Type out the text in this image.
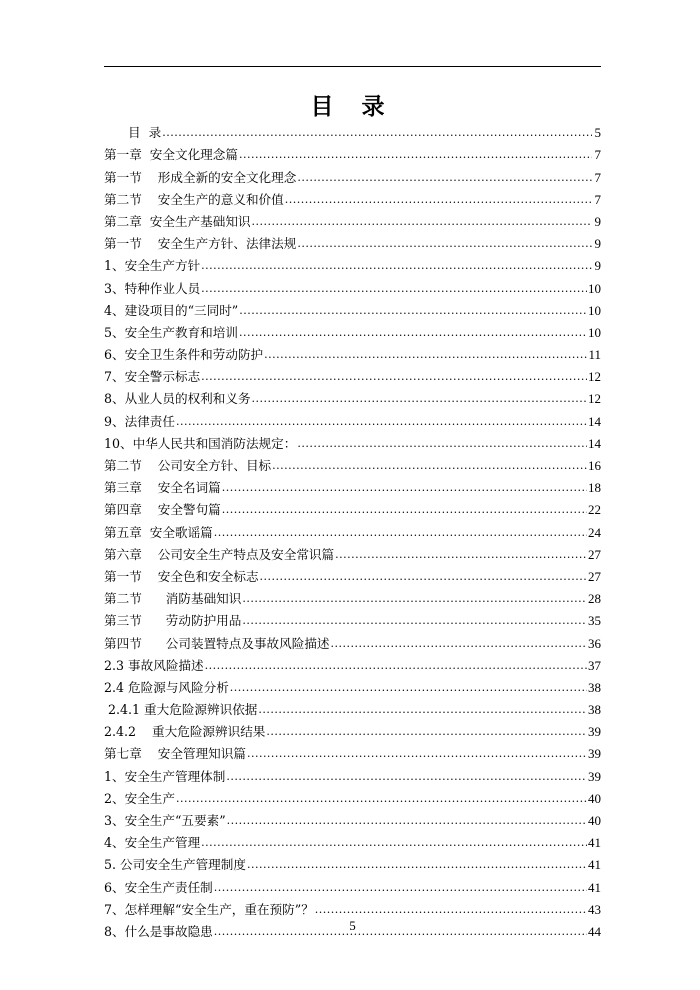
目 录
目  录 .....	5
第一章  安全文化理念篇 .....	7
第一节    形成全新的安全文化理念 .....	7
第二节    安全生产的意义和价值 .....	7
第二章  安全生产基础知识 .....	9
第一节    安全生产方针、法律法规 .....	9
1、安全生产方针 .....	9
3、特种作业人员 .....	10
4、建设项目的“三同时” .....	10
5、安全生产教育和培训 .....	10
6、安全卫生条件和劳动防护 .....	11
7、安全警示标志 .....	12
8、从业人员的权利和义务 .....	12
9、法律责任 .....	14
10、中华人民共和国消防法规定： .....	14
第二节    公司安全方针、目标 .....	16
第三章    安全名词篇 .....	18
第四章    安全警句篇 .....	22
第五章  安全歌谣篇 .....	24
第六章    公司安全生产特点及安全常识篇 .....	27
第一节    安全色和安全标志 .....	27
第二节      消防基础知识 .....	28
第三节      劳动防护用品 .....	35
第四节      公司装置特点及事故风险描述 .....	36
2.3 事故风险描述 .....	37
2.4 危险源与风险分析 .....	38
2.4.1 重大危险源辨识依据 .....	38
2.4.2    重大危险源辨识结果 .....	39
第七章    安全管理知识篇 .....	39
1、安全生产管理体制 .....	39
2、安全生产 .....	40
3、安全生产“五要素” .....	40
4、安全生产管理 .....	41
5. 公司安全生产管理制度 .....	41
6、安全生产责任制 .....	41
7、怎样理解“安全生产，重在预防”？ .....	43
8、什么是事故隐患 .....	44
5
